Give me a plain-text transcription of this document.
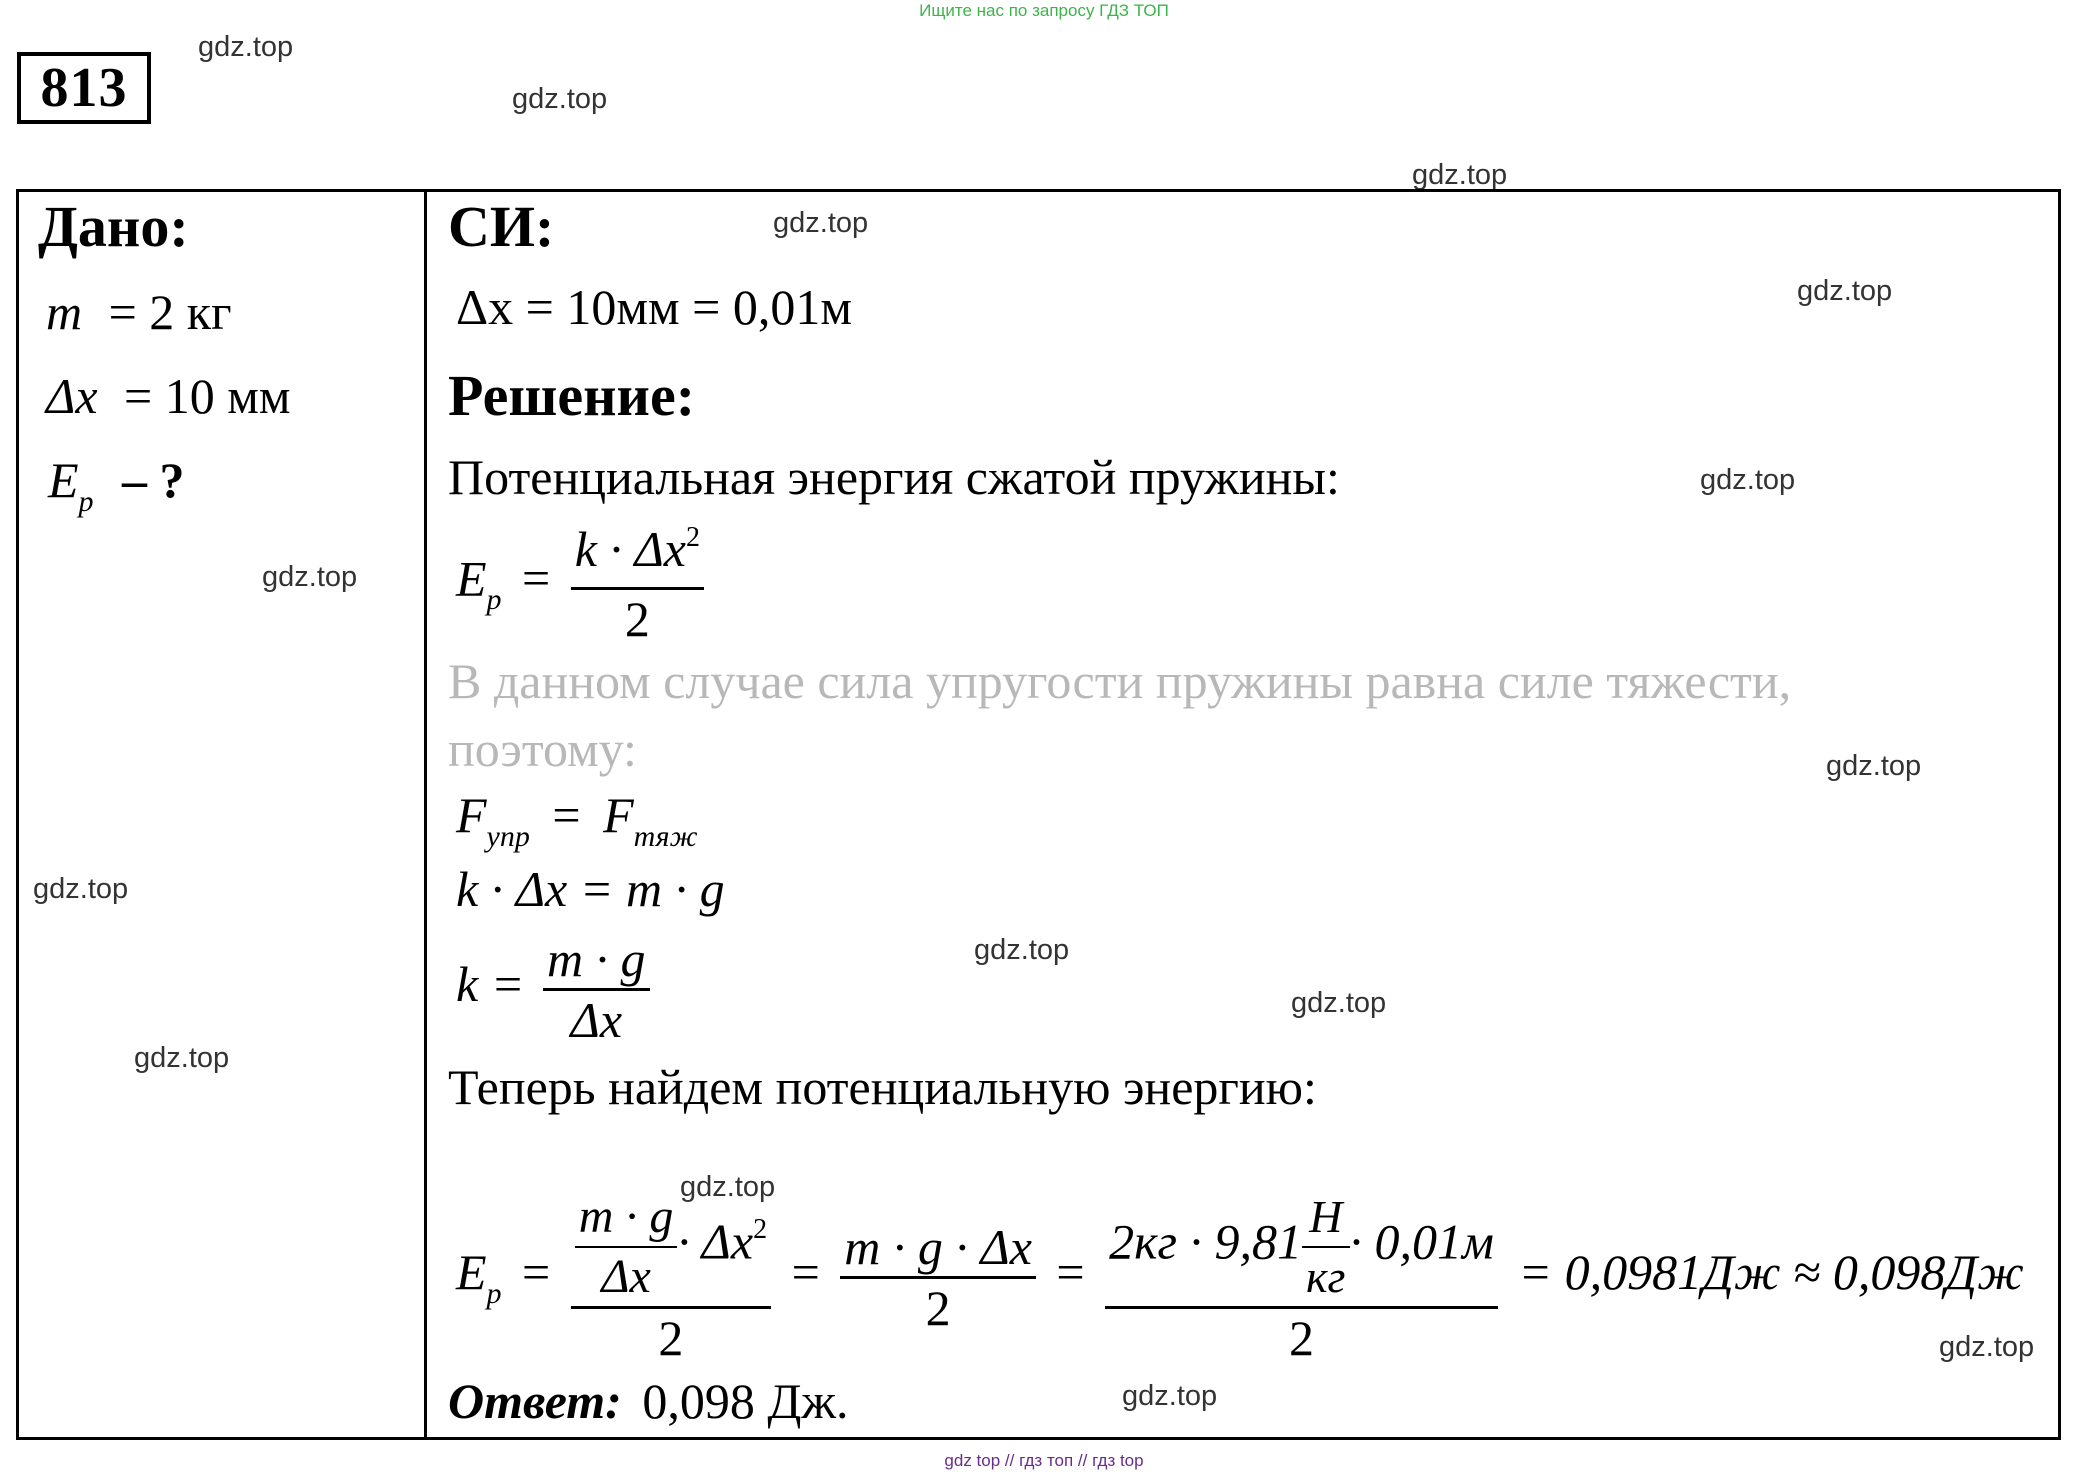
Ищите нас по запросу ГДЗ ТОП
813
gdz.top
gdz.top
gdz.top
gdz.top
gdz.top
gdz.top
gdz.top
gdz.top
gdz.top
gdz.top
gdz.top
gdz.top
gdz.top
gdz.top
gdz.top
Дано:
m = 2 кг
Δx = 10 мм
$E_p$ – ?
СИ:
Δx = 10мм = 0,01м
Решение:
Потенциальная энергия сжатой пружины:
$E_p = \frac{k \cdot \Delta x^2}{2}$
В данном случае сила упругости пружины равна силе тяжести,
поэтому:
$F_{упр} = F_{тяж}$
k · Δx = m · g
$k = \frac{m \cdot g}{\Delta x}$
Теперь найдем потенциальную энергию:
$E_p = \frac{\frac{m \cdot g}{\Delta x} \cdot \Delta x^2}{2} = \frac{m \cdot g \cdot \Delta x}{2} = \frac{2кг \cdot 9,81 \frac{Н}{кг} \cdot 0,01м}{2} = 0,0981Дж \approx 0,098Дж$
Ответ: 0,098 Дж.
gdz top // гдз топ // гдз top
